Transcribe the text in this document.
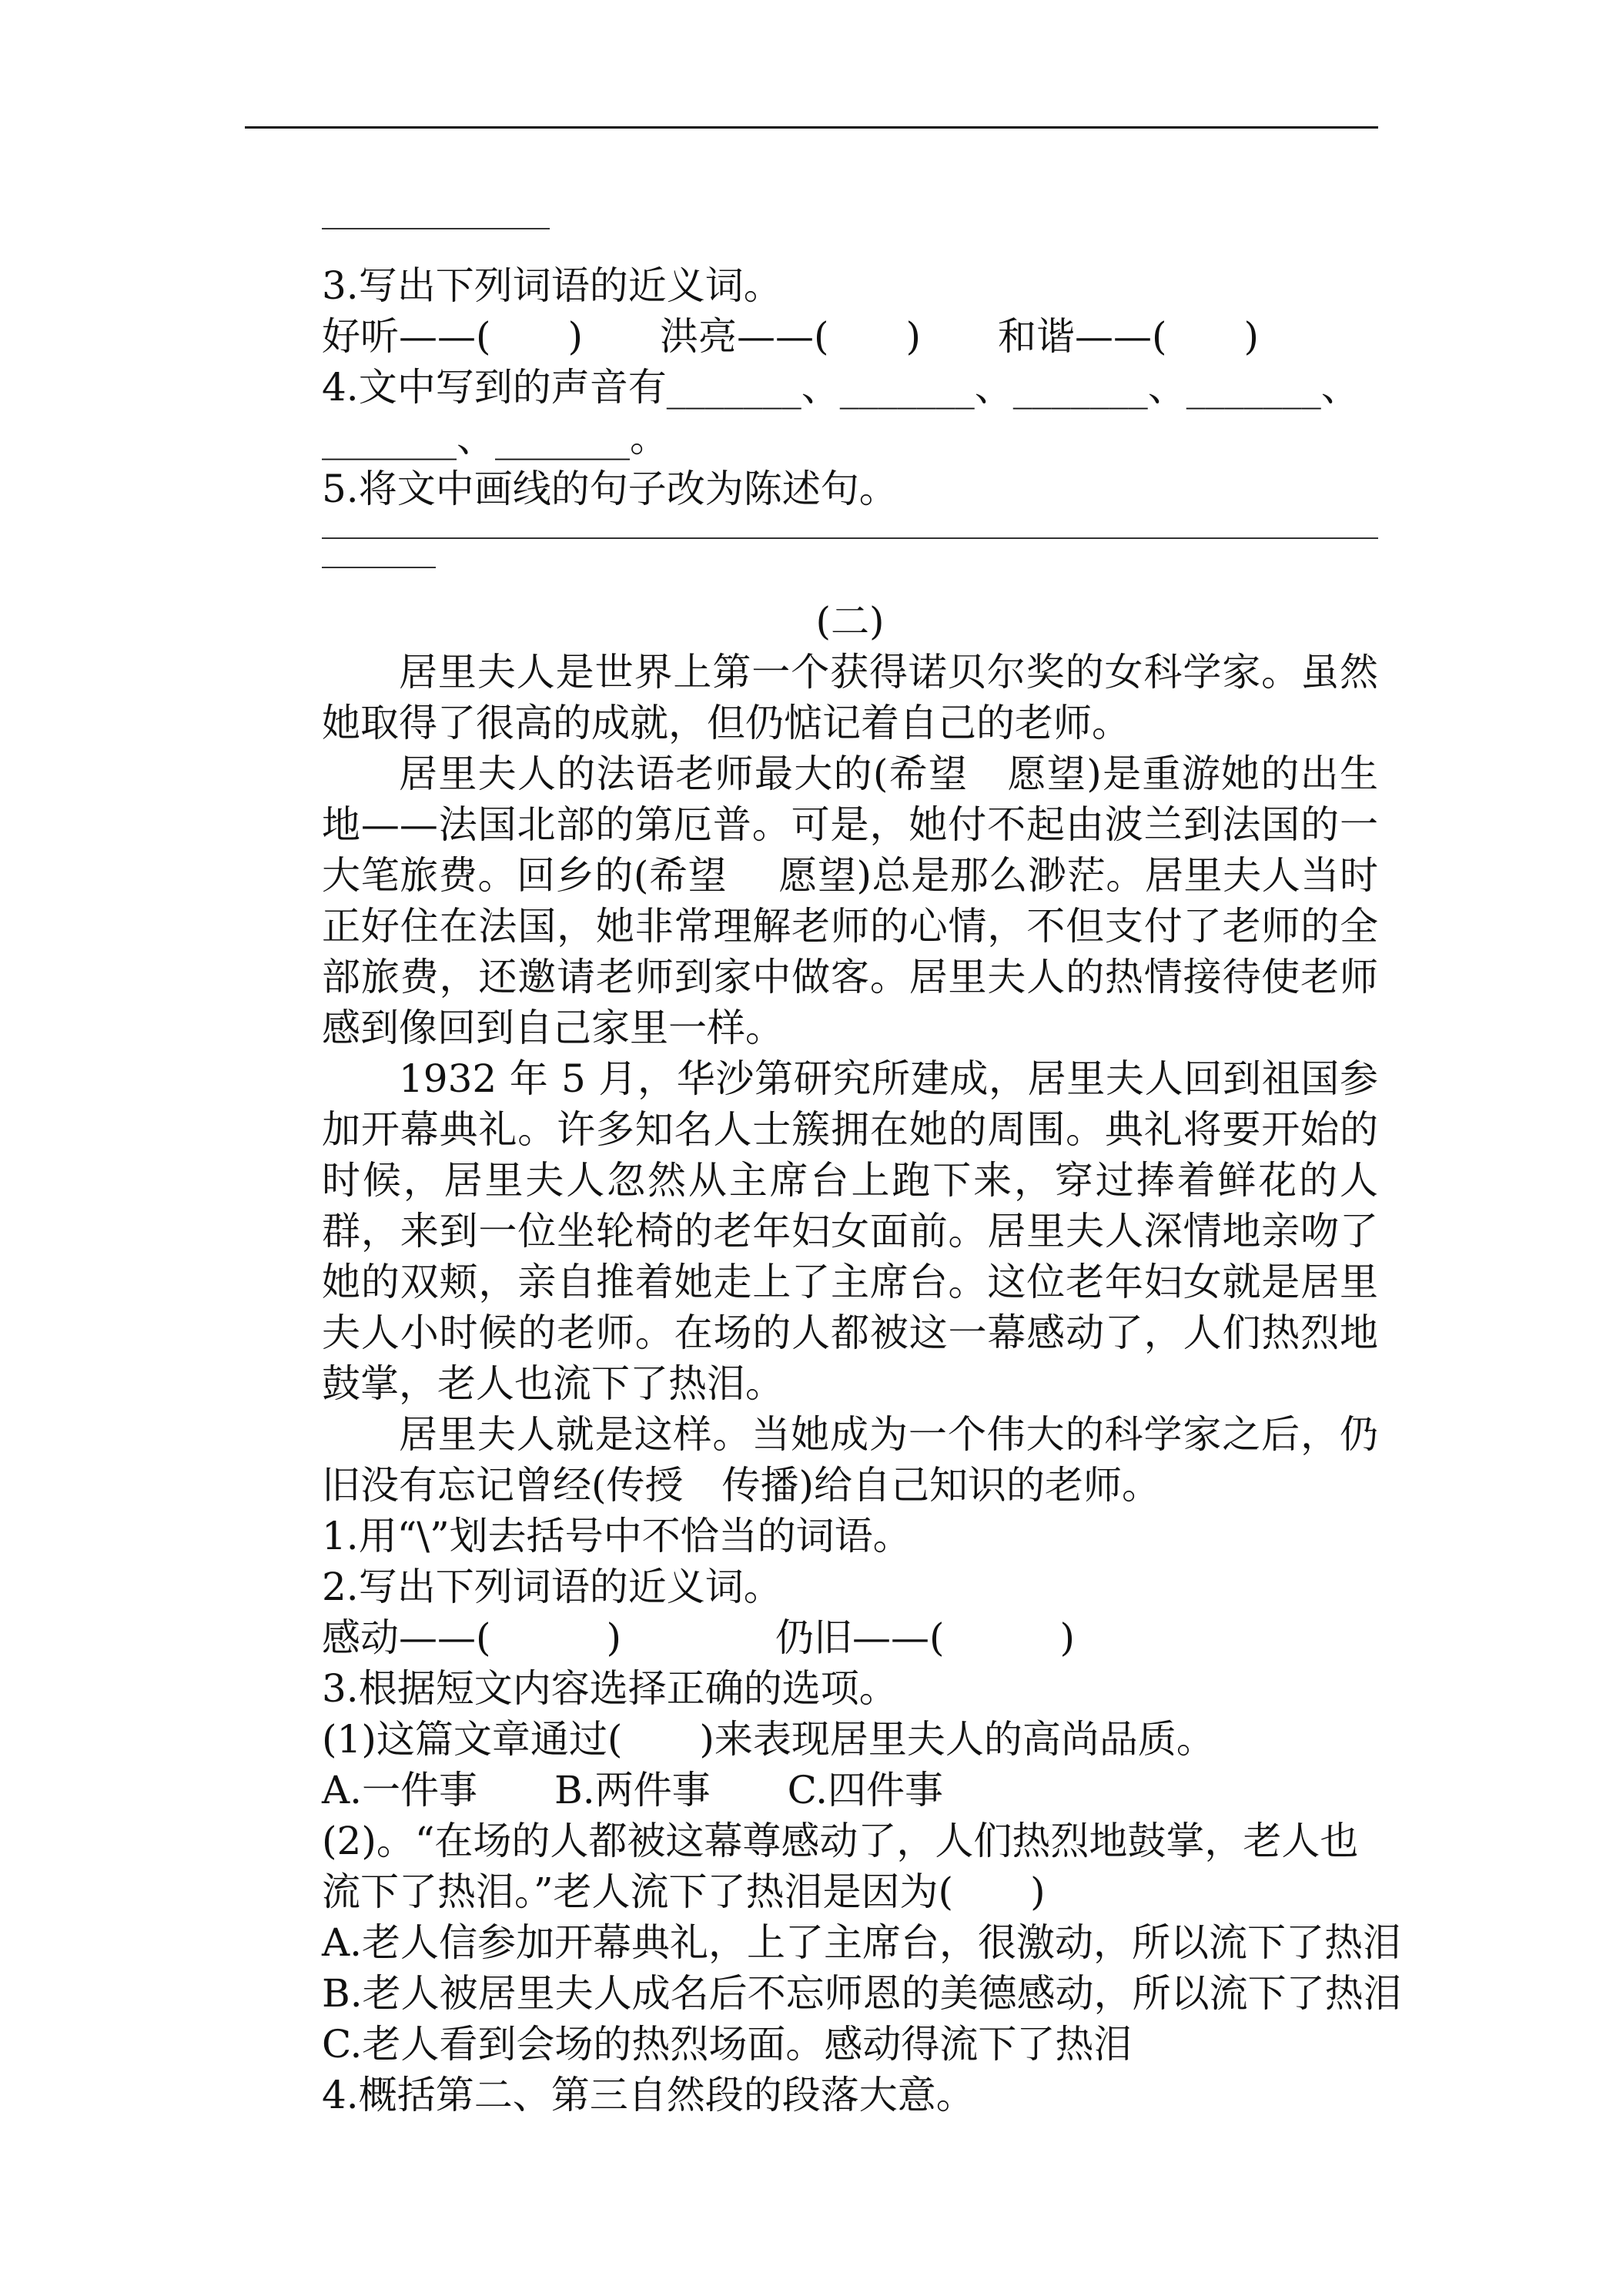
3.写出下列词语的近义词。
好听——(　　)　　洪亮——(　　)　　和谐——(　　)
4.文中写到的声音有_______、_______、_______、_______、
_______、_______。
5.将文中画线的句子改为陈述句。
(二)
居里夫人是世界上第一个获得诺贝尔奖的女科学家。虽然她取得了很高的成就，但仍惦记着自己的老师。
居里夫人的法语老师最大的(希望　愿望)是重游她的出生地——法国北部的第厄普。可是，她付不起由波兰到法国的一大笔旅费。回乡的(希望　 愿望)总是那么渺茫。居里夫人当时正好住在法国，她非常理解老师的心情，不但支付了老师的全部旅费，还邀请老师到家中做客。居里夫人的热情接待使老师感到像回到自己家里一样。
1932 年 5 月，华沙第研究所建成，居里夫人回到祖国参加开幕典礼。许多知名人士簇拥在她的周围。典礼将要开始的时候，居里夫人忽然从主席台上跑下来，穿过捧着鲜花的人群，来到一位坐轮椅的老年妇女面前。居里夫人深情地亲吻了她的双颊，亲自推着她走上了主席台。这位老年妇女就是居里夫人小时候的老师。在场的人都被这一幕感动了，人们热烈地鼓掌，老人也流下了热泪。
居里夫人就是这样。当她成为一个伟大的科学家之后，仍旧没有忘记曾经(传授　传播)给自己知识的老师。
1.用“\”划去括号中不恰当的词语。
2.写出下列词语的近义词。
感动——(　　　)　　　　仍旧——(　　　)
3.根据短文内容选择正确的选项。
(1)这篇文章通过(　　)来表现居里夫人的高尚品质。
A.一件事　　B.两件事　　C.四件事
(2)。“在场的人都被这幕尊感动了，人们热烈地鼓掌，老人也
流下了热泪。”老人流下了热泪是因为(　　)
A.老人信参加开幕典礼，上了主席台，很激动，所以流下了热泪
B.老人被居里夫人成名后不忘师恩的美德感动，所以流下了热泪
C.老人看到会场的热烈场面。感动得流下了热泪
4.概括第二、第三自然段的段落大意。
